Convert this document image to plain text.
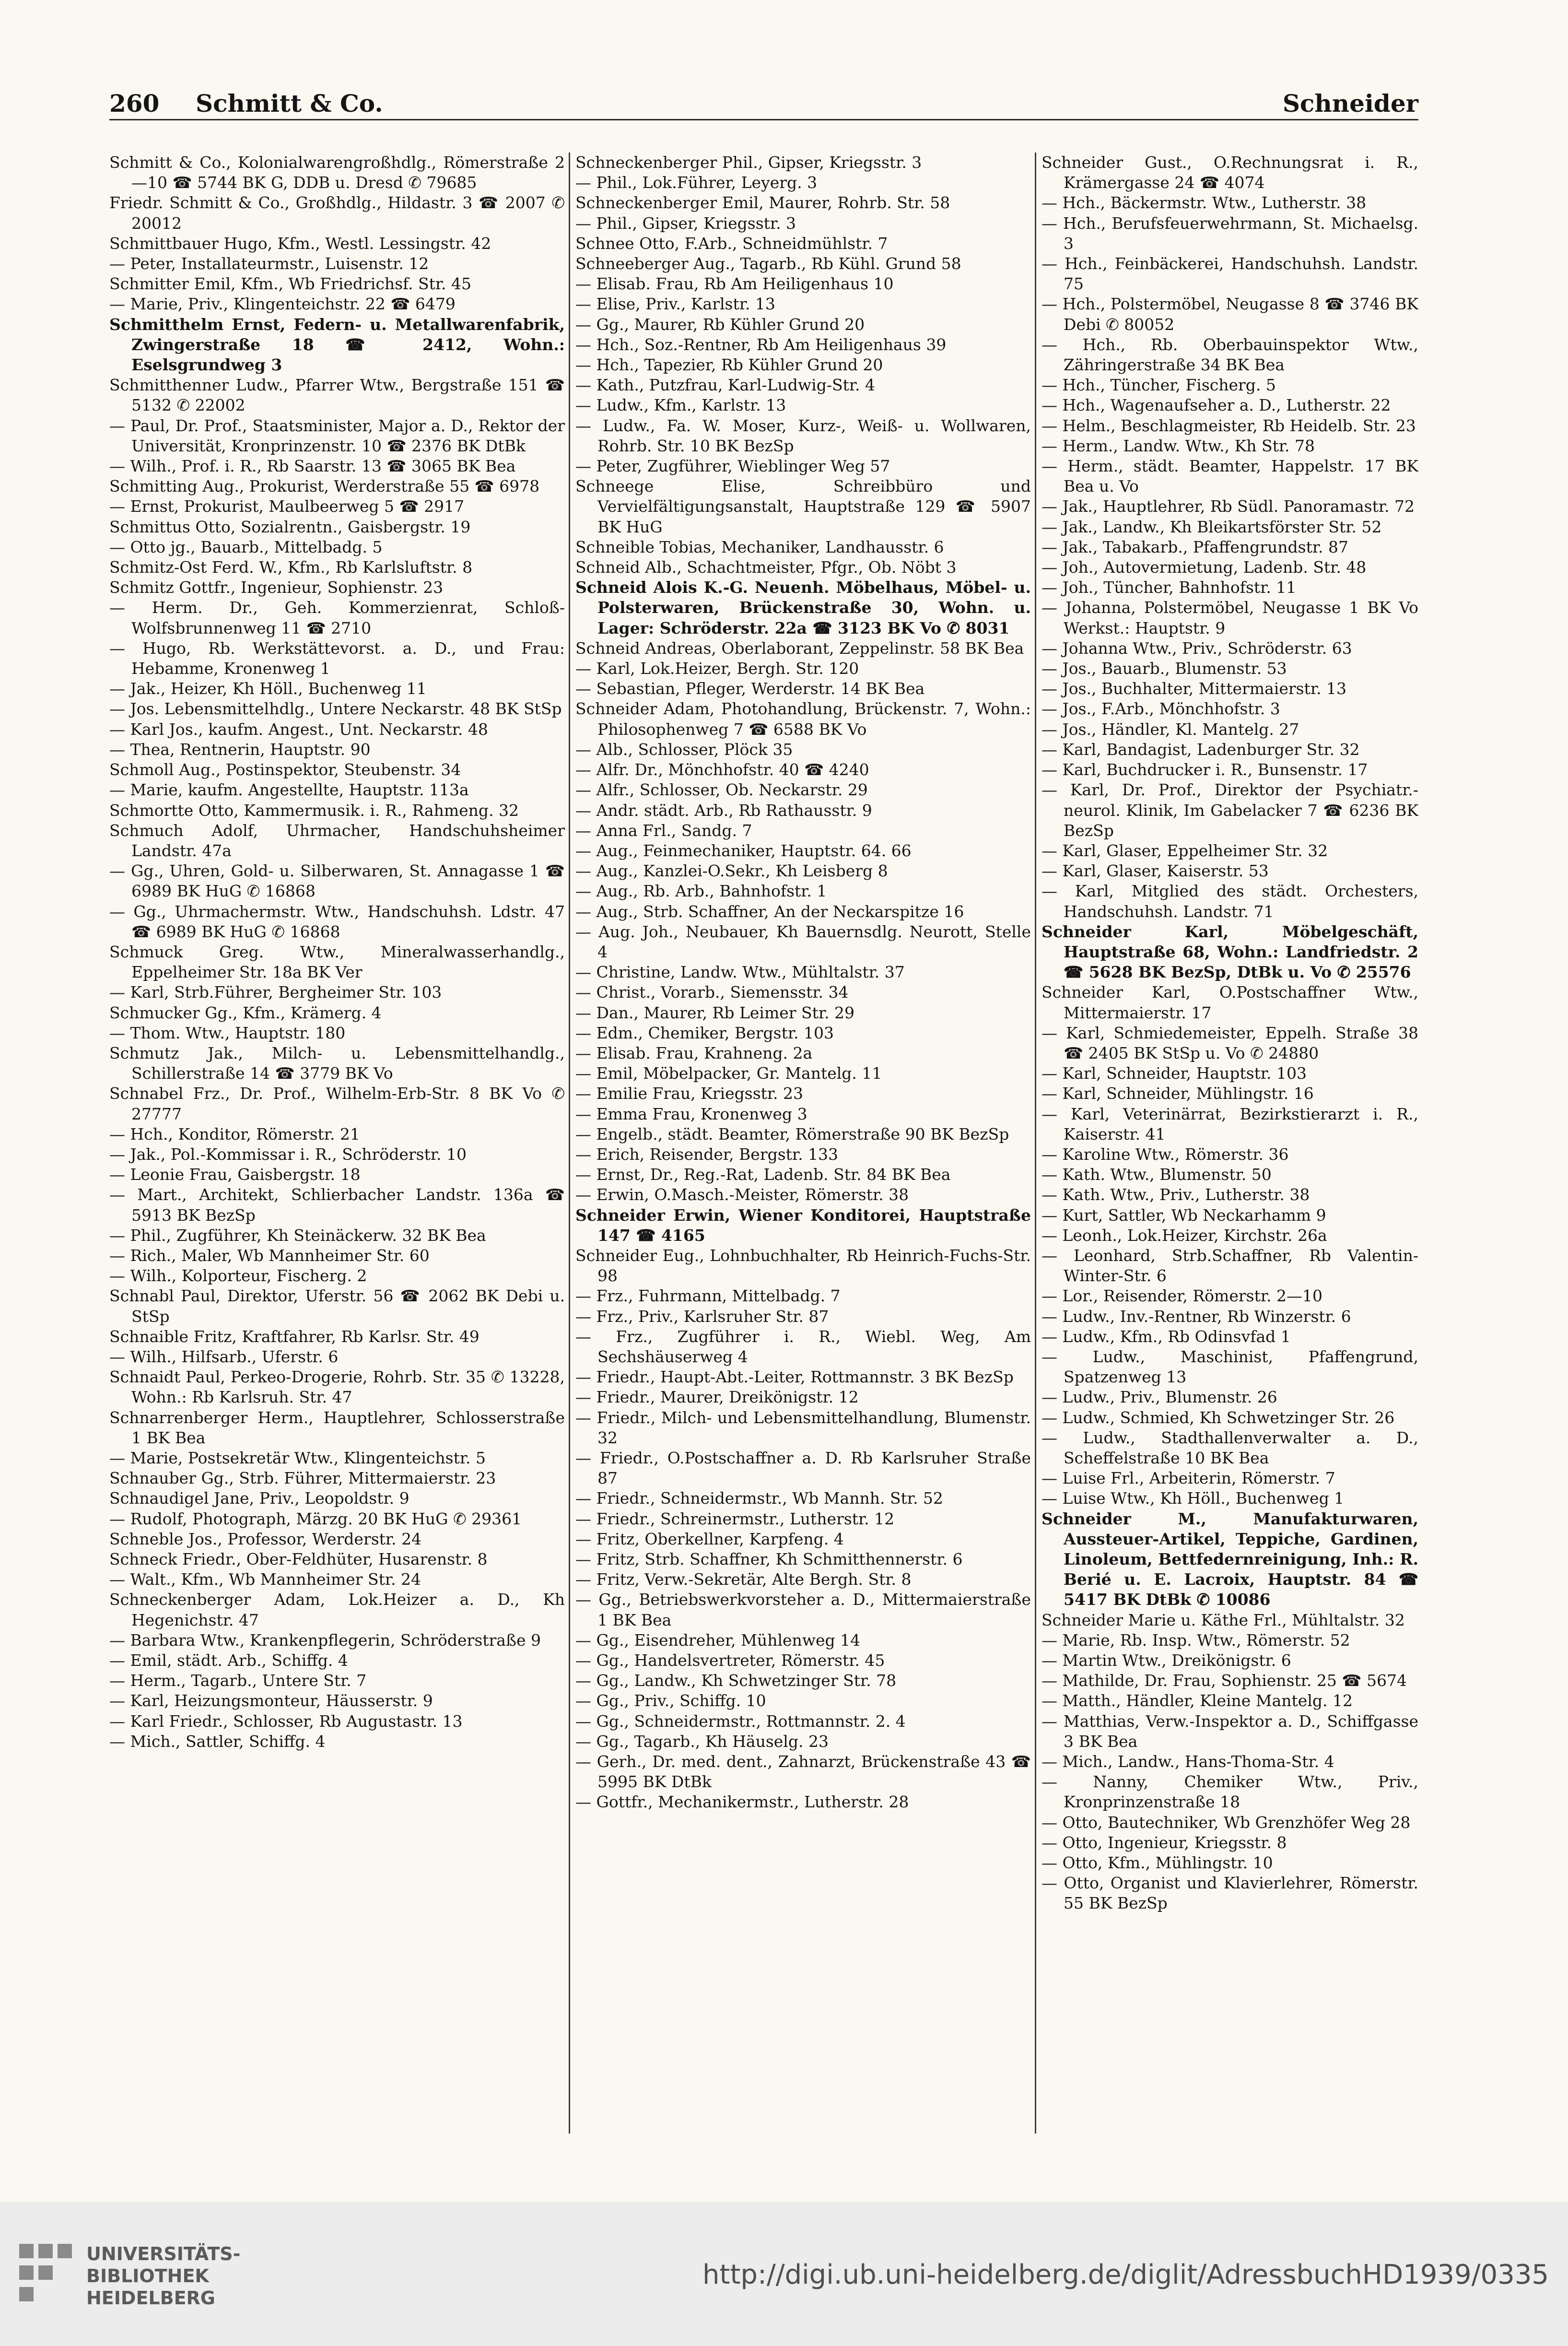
260 Schmitt & Co.	Schneider

Schmitt & Co., Kolonialwarengroßhdlg., Römerstraße 2—10 ☎ 5744 BK G, DDB u. Dresd ✆ 79685

Friedr. Schmitt & Co., Großhdlg., Hildastr. 3 ☎ 2007 ✆ 20012

Schmittbauer Hugo, Kfm., Westl. Lessingstr. 42

— Peter, Installateurmstr., Luisenstr. 12

Schmitter Emil, Kfm., Wb Friedrichsf. Str. 45

— Marie, Priv., Klingenteichstr. 22 ☎ 6479

Schmitthelm Ernst, Federn- u. Metallwarenfabrik, Zwingerstraße 18 ☎ 2412, Wohn.: Eselsgrundweg 3

Schmitthenner Ludw., Pfarrer Wtw., Bergstraße 151 ☎ 5132 ✆ 22002

— Paul, Dr. Prof., Staatsminister, Major a. D., Rektor der Universität, Kronprinzenstr. 10 ☎ 2376 BK DtBk

— Wilh., Prof. i. R., Rb Saarstr. 13 ☎ 3065 BK Bea

Schmitting Aug., Prokurist, Werderstraße 55 ☎ 6978

— Ernst, Prokurist, Maulbeerweg 5 ☎ 2917

Schmittus Otto, Sozialrentn., Gaisbergstr. 19

— Otto jg., Bauarb., Mittelbadg. 5

Schmitz-Ost Ferd. W., Kfm., Rb Karlsluftstr. 8

Schmitz Gottfr., Ingenieur, Sophienstr. 23

— Herm. Dr., Geh. Kommerzienrat, Schloß-Wolfsbrunnenweg 11 ☎ 2710

— Hugo, Rb. Werkstättevorst. a. D., und Frau: Hebamme, Kronenweg 1

— Jak., Heizer, Kh Höll., Buchenweg 11

— Jos. Lebensmittelhdlg., Untere Neckarstr. 48 BK StSp

— Karl Jos., kaufm. Angest., Unt. Neckarstr. 48

— Thea, Rentnerin, Hauptstr. 90

Schmoll Aug., Postinspektor, Steubenstr. 34

— Marie, kaufm. Angestellte, Hauptstr. 113a

Schmortte Otto, Kammermusik. i. R., Rahmeng. 32

Schmuch Adolf, Uhrmacher, Handschuhsheimer Landstr. 47a

— Gg., Uhren, Gold- u. Silberwaren, St. Annagasse 1 ☎ 6989 BK HuG ✆ 16868

— Gg., Uhrmachermstr. Wtw., Handschuhsh. Ldstr. 47 ☎ 6989 BK HuG ✆ 16868

Schmuck Greg. Wtw., Mineralwasserhandlg., Eppelheimer Str. 18a BK Ver

— Karl, Strb.Führer, Bergheimer Str. 103

Schmucker Gg., Kfm., Krämerg. 4

— Thom. Wtw., Hauptstr. 180

Schmutz Jak., Milch- u. Lebensmittelhandlg., Schillerstraße 14 ☎ 3779 BK Vo

Schnabel Frz., Dr. Prof., Wilhelm-Erb-Str. 8 BK Vo ✆ 27777

— Hch., Konditor, Römerstr. 21

— Jak., Pol.-Kommissar i. R., Schröderstr. 10

— Leonie Frau, Gaisbergstr. 18

— Mart., Architekt, Schlierbacher Landstr. 136a ☎ 5913 BK BezSp

— Phil., Zugführer, Kh Steinäckerw. 32 BK Bea

— Rich., Maler, Wb Mannheimer Str. 60

— Wilh., Kolporteur, Fischerg. 2

Schnabl Paul, Direktor, Uferstr. 56 ☎ 2062 BK Debi u. StSp

Schnaible Fritz, Kraftfahrer, Rb Karlsr. Str. 49

— Wilh., Hilfsarb., Uferstr. 6

Schnaidt Paul, Perkeo-Drogerie, Rohrb. Str. 35 ✆ 13228, Wohn.: Rb Karlsruh. Str. 47

Schnarrenberger Herm., Hauptlehrer, Schlosserstraße 1 BK Bea

— Marie, Postsekretär Wtw., Klingenteichstr. 5

Schnauber Gg., Strb. Führer, Mittermaierstr. 23

Schnaudigel Jane, Priv., Leopoldstr. 9

— Rudolf, Photograph, Märzg. 20 BK HuG ✆ 29361

Schneble Jos., Professor, Werderstr. 24

Schneck Friedr., Ober-Feldhüter, Husarenstr. 8

— Walt., Kfm., Wb Mannheimer Str. 24

Schneckenberger Adam, Lok.Heizer a. D., Kh Hegenichstr. 47

— Barbara Wtw., Krankenpflegerin, Schröderstraße 9

— Emil, städt. Arb., Schiffg. 4

— Herm., Tagarb., Untere Str. 7

— Karl, Heizungsmonteur, Häusserstr. 9

— Karl Friedr., Schlosser, Rb Augustastr. 13

— Mich., Sattler, Schiffg. 4

Schneckenberger Phil., Gipser, Kriegsstr. 3

— Phil., Lok.Führer, Leyerg. 3

Schneckenberger Emil, Maurer, Rohrb. Str. 58

— Phil., Gipser, Kriegsstr. 3

Schnee Otto, F.Arb., Schneidmühlstr. 7

Schneeberger Aug., Tagarb., Rb Kühl. Grund 58

— Elisab. Frau, Rb Am Heiligenhaus 10

— Elise, Priv., Karlstr. 13

— Gg., Maurer, Rb Kühler Grund 20

— Hch., Soz.-Rentner, Rb Am Heiligenhaus 39

— Hch., Tapezier, Rb Kühler Grund 20

— Kath., Putzfrau, Karl-Ludwig-Str. 4

— Ludw., Kfm., Karlstr. 13

— Ludw., Fa. W. Moser, Kurz-, Weiß- u. Wollwaren, Rohrb. Str. 10 BK BezSp

— Peter, Zugführer, Wieblinger Weg 57

Schneege Elise, Schreibbüro und Vervielfältigungsanstalt, Hauptstraße 129 ☎ 5907 BK HuG

Schneible Tobias, Mechaniker, Landhausstr. 6

Schneid Alb., Schachtmeister, Pfgr., Ob. Nöbt 3

Schneid Alois K.-G. Neuenh. Möbelhaus, Möbel- u. Polsterwaren, Brückenstraße 30, Wohn. u. Lager: Schröderstr. 22a ☎ 3123 BK Vo ✆ 8031

Schneid Andreas, Oberlaborant, Zeppelinstr. 58 BK Bea

— Karl, Lok.Heizer, Bergh. Str. 120

— Sebastian, Pfleger, Werderstr. 14 BK Bea

Schneider Adam, Photohandlung, Brückenstr. 7, Wohn.: Philosophenweg 7 ☎ 6588 BK Vo

— Alb., Schlosser, Plöck 35

— Alfr. Dr., Mönchhofstr. 40 ☎ 4240

— Alfr., Schlosser, Ob. Neckarstr. 29

— Andr. städt. Arb., Rb Rathausstr. 9

— Anna Frl., Sandg. 7

— Aug., Feinmechaniker, Hauptstr. 64. 66

— Aug., Kanzlei-O.Sekr., Kh Leisberg 8

— Aug., Rb. Arb., Bahnhofstr. 1

— Aug., Strb. Schaffner, An der Neckarspitze 16

— Aug. Joh., Neubauer, Kh Bauernsdlg. Neurott, Stelle 4

— Christine, Landw. Wtw., Mühltalstr. 37

— Christ., Vorarb., Siemensstr. 34

— Dan., Maurer, Rb Leimer Str. 29

— Edm., Chemiker, Bergstr. 103

— Elisab. Frau, Krahneng. 2a

— Emil, Möbelpacker, Gr. Mantelg. 11

— Emilie Frau, Kriegsstr. 23

— Emma Frau, Kronenweg 3

— Engelb., städt. Beamter, Römerstraße 90 BK BezSp

— Erich, Reisender, Bergstr. 133

— Ernst, Dr., Reg.-Rat, Ladenb. Str. 84 BK Bea

— Erwin, O.Masch.-Meister, Römerstr. 38

Schneider Erwin, Wiener Konditorei, Hauptstraße 147 ☎ 4165

Schneider Eug., Lohnbuchhalter, Rb Heinrich-Fuchs-Str. 98

— Frz., Fuhrmann, Mittelbadg. 7

— Frz., Priv., Karlsruher Str. 87

— Frz., Zugführer i. R., Wiebl. Weg, Am Sechshäuserweg 4

— Friedr., Haupt-Abt.-Leiter, Rottmannstr. 3 BK BezSp

— Friedr., Maurer, Dreikönigstr. 12

— Friedr., Milch- und Lebensmittelhandlung, Blumenstr. 32

— Friedr., O.Postschaffner a. D. Rb Karlsruher Straße 87

— Friedr., Schneidermstr., Wb Mannh. Str. 52

— Friedr., Schreinermstr., Lutherstr. 12

— Fritz, Oberkellner, Karpfeng. 4

— Fritz, Strb. Schaffner, Kh Schmitthennerstr. 6

— Fritz, Verw.-Sekretär, Alte Bergh. Str. 8

— Gg., Betriebswerkvorsteher a. D., Mittermaierstraße 1 BK Bea

— Gg., Eisendreher, Mühlenweg 14

— Gg., Handelsvertreter, Römerstr. 45

— Gg., Landw., Kh Schwetzinger Str. 78

— Gg., Priv., Schiffg. 10

— Gg., Schneidermstr., Rottmannstr. 2. 4

— Gg., Tagarb., Kh Häuselg. 23

— Gerh., Dr. med. dent., Zahnarzt, Brückenstraße 43 ☎ 5995 BK DtBk

— Gottfr., Mechanikermstr., Lutherstr. 28

Schneider Gust., O.Rechnungsrat i. R., Krämergasse 24 ☎ 4074

— Hch., Bäckermstr. Wtw., Lutherstr. 38

— Hch., Berufsfeuerwehrmann, St. Michaelsg. 3

— Hch., Feinbäckerei, Handschuhsh. Landstr. 75

— Hch., Polstermöbel, Neugasse 8 ☎ 3746 BK Debi ✆ 80052

— Hch., Rb. Oberbauinspektor Wtw., Zähringerstraße 34 BK Bea

— Hch., Tüncher, Fischerg. 5

— Hch., Wagenaufseher a. D., Lutherstr. 22

— Helm., Beschlagmeister, Rb Heidelb. Str. 23

— Herm., Landw. Wtw., Kh Str. 78

— Herm., städt. Beamter, Happelstr. 17 BK Bea u. Vo

— Jak., Hauptlehrer, Rb Südl. Panoramastr. 72

— Jak., Landw., Kh Bleikartsförster Str. 52

— Jak., Tabakarb., Pfaffengrundstr. 87

— Joh., Autovermietung, Ladenb. Str. 48

— Joh., Tüncher, Bahnhofstr. 11

— Johanna, Polstermöbel, Neugasse 1 BK Vo Werkst.: Hauptstr. 9

— Johanna Wtw., Priv., Schröderstr. 63

— Jos., Bauarb., Blumenstr. 53

— Jos., Buchhalter, Mittermaierstr. 13

— Jos., F.Arb., Mönchhofstr. 3

— Jos., Händler, Kl. Mantelg. 27

— Karl, Bandagist, Ladenburger Str. 32

— Karl, Buchdrucker i. R., Bunsenstr. 17

— Karl, Dr. Prof., Direktor der Psychiatr.-neurol. Klinik, Im Gabelacker 7 ☎ 6236 BK BezSp

— Karl, Glaser, Eppelheimer Str. 32

— Karl, Glaser, Kaiserstr. 53

— Karl, Mitglied des städt. Orchesters, Handschuhsh. Landstr. 71

Schneider Karl, Möbelgeschäft, Hauptstraße 68, Wohn.: Landfriedstr. 2 ☎ 5628 BK BezSp, DtBk u. Vo ✆ 25576

Schneider Karl, O.Postschaffner Wtw., Mittermaierstr. 17

— Karl, Schmiedemeister, Eppelh. Straße 38 ☎ 2405 BK StSp u. Vo ✆ 24880

— Karl, Schneider, Hauptstr. 103

— Karl, Schneider, Mühlingstr. 16

— Karl, Veterinärrat, Bezirkstierarzt i. R., Kaiserstr. 41

— Karoline Wtw., Römerstr. 36

— Kath. Wtw., Blumenstr. 50

— Kath. Wtw., Priv., Lutherstr. 38

— Kurt, Sattler, Wb Neckarhamm 9

— Leonh., Lok.Heizer, Kirchstr. 26a

— Leonhard, Strb.Schaffner, Rb Valentin-Winter-Str. 6

— Lor., Reisender, Römerstr. 2—10

— Ludw., Inv.-Rentner, Rb Winzerstr. 6

— Ludw., Kfm., Rb Odinsvfad 1

— Ludw., Maschinist, Pfaffengrund, Spatzenweg 13

— Ludw., Priv., Blumenstr. 26

— Ludw., Schmied, Kh Schwetzinger Str. 26

— Ludw., Stadthallenverwalter a. D., Scheffelstraße 10 BK Bea

— Luise Frl., Arbeiterin, Römerstr. 7

— Luise Wtw., Kh Höll., Buchenweg 1

Schneider M., Manufakturwaren, Aussteuer-Artikel, Teppiche, Gardinen, Linoleum, Bettfedernreinigung, Inh.: R. Berié u. E. Lacroix, Hauptstr. 84 ☎ 5417 BK DtBk ✆ 10086

Schneider Marie u. Käthe Frl., Mühltalstr. 32

— Marie, Rb. Insp. Wtw., Römerstr. 52

— Martin Wtw., Dreikönigstr. 6

— Mathilde, Dr. Frau, Sophienstr. 25 ☎ 5674

— Matth., Händler, Kleine Mantelg. 12

— Matthias, Verw.-Inspektor a. D., Schiffgasse 3 BK Bea

— Mich., Landw., Hans-Thoma-Str. 4

— Nanny, Chemiker Wtw., Priv., Kronprinzenstraße 18

— Otto, Bautechniker, Wb Grenzhöfer Weg 28

— Otto, Ingenieur, Kriegsstr. 8

— Otto, Kfm., Mühlingstr. 10

— Otto, Organist und Klavierlehrer, Römerstr. 55 BK BezSp

UNIVERSITÄTS-
BIBLIOTHEK
HEIDELBERG
http://digi.ub.uni-heidelberg.de/diglit/AdressbuchHD1939/0335
